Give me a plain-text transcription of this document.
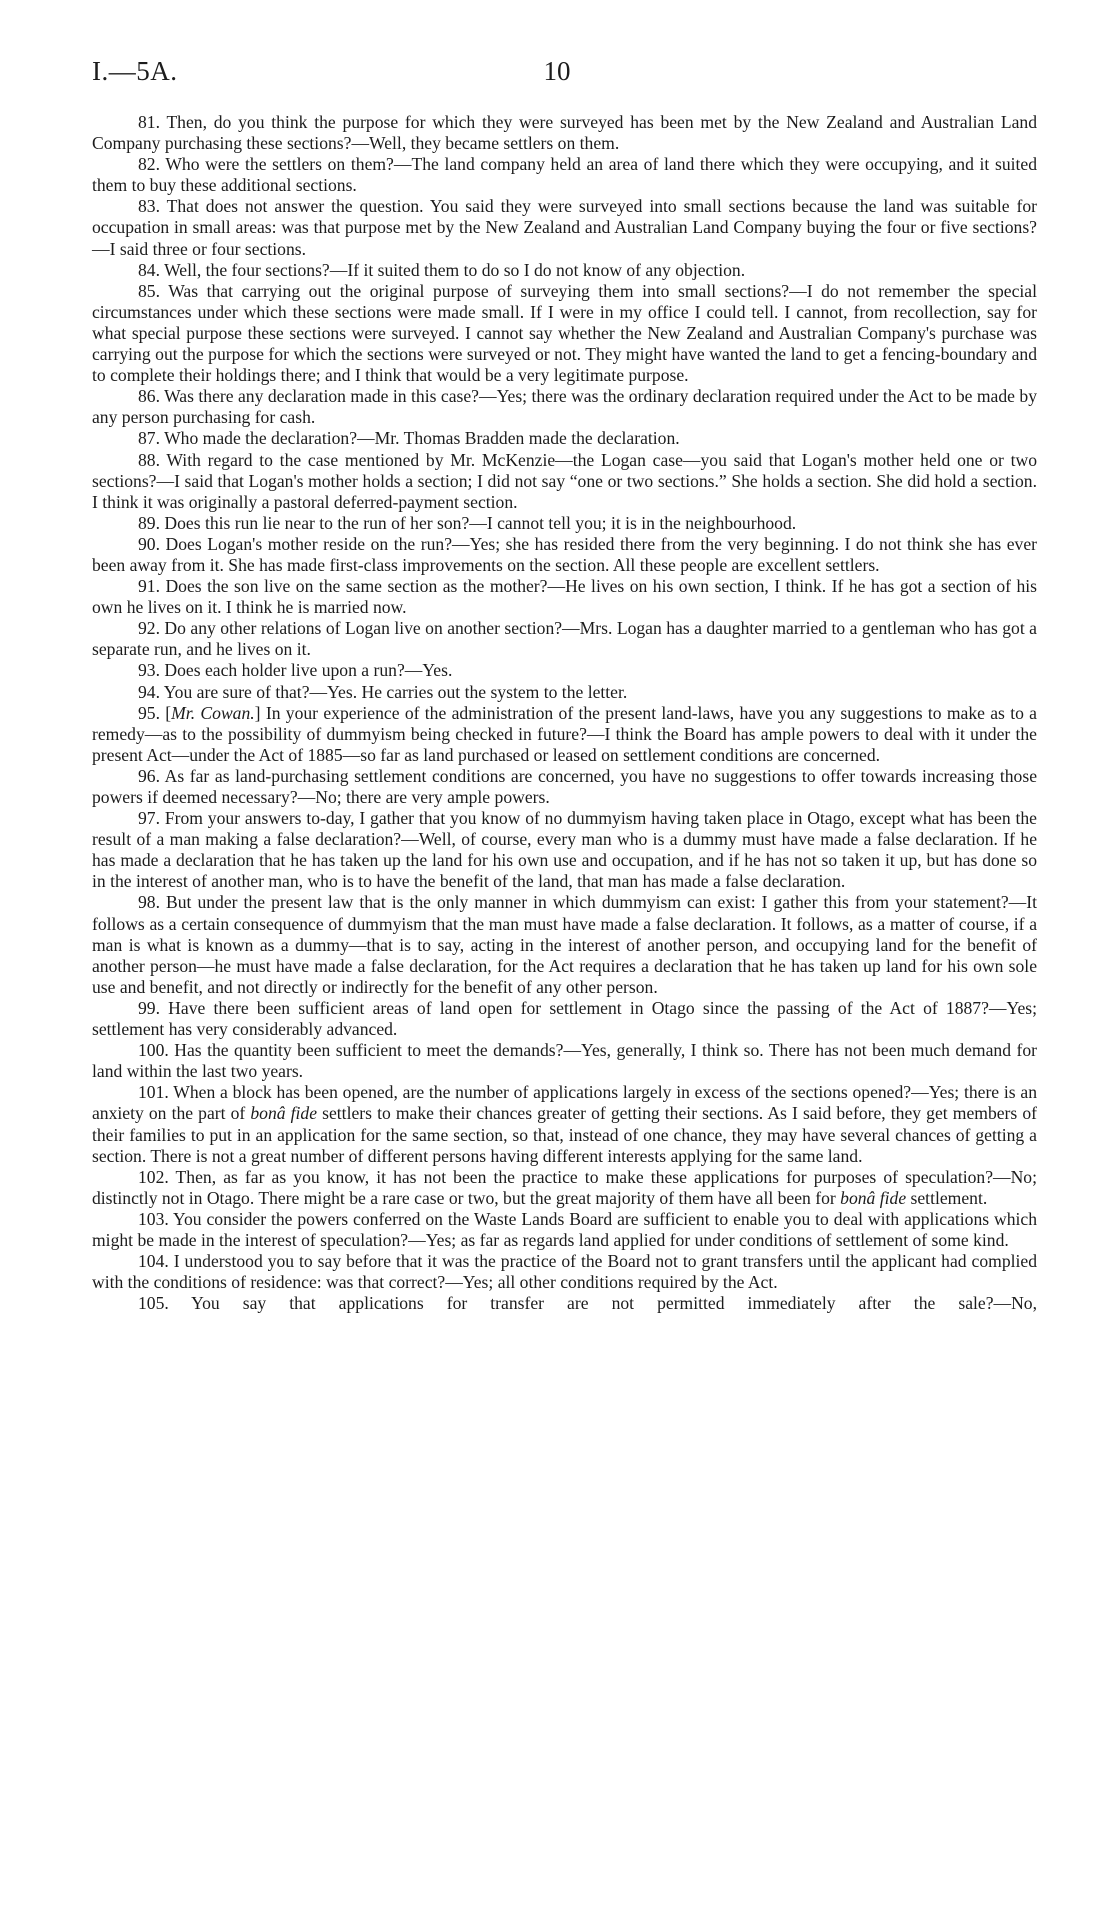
I.—5A.	10

81. Then, do you think the purpose for which they were surveyed has been met by the New Zealand and Australian Land Company purchasing these sections?—Well, they became settlers on them.

82. Who were the settlers on them?—The land company held an area of land there which they were occupying, and it suited them to buy these additional sections.

83. That does not answer the question. You said they were surveyed into small sections because the land was suitable for occupation in small areas: was that purpose met by the New Zealand and Australian Land Company buying the four or five sections?—I said three or four sections.

84. Well, the four sections?—If it suited them to do so I do not know of any objection.

85. Was that carrying out the original purpose of surveying them into small sections?—I do not remember the special circumstances under which these sections were made small. If I were in my office I could tell. I cannot, from recollection, say for what special purpose these sections were surveyed. I cannot say whether the New Zealand and Australian Company's purchase was carrying out the purpose for which the sections were surveyed or not. They might have wanted the land to get a fencing-boundary and to complete their holdings there; and I think that would be a very legitimate purpose.

86. Was there any declaration made in this case?—Yes; there was the ordinary declaration required under the Act to be made by any person purchasing for cash.

87. Who made the declaration?—Mr. Thomas Bradden made the declaration.

88. With regard to the case mentioned by Mr. McKenzie—the Logan case—you said that Logan's mother held one or two sections?—I said that Logan's mother holds a section; I did not say “one or two sections.” She holds a section. She did hold a section. I think it was originally a pastoral deferred-payment section.

89. Does this run lie near to the run of her son?—I cannot tell you; it is in the neighbourhood.

90. Does Logan's mother reside on the run?—Yes; she has resided there from the very beginning. I do not think she has ever been away from it. She has made first-class improvements on the section. All these people are excellent settlers.

91. Does the son live on the same section as the mother?—He lives on his own section, I think. If he has got a section of his own he lives on it. I think he is married now.

92. Do any other relations of Logan live on another section?—Mrs. Logan has a daughter married to a gentleman who has got a separate run, and he lives on it.

93. Does each holder live upon a run?—Yes.

94. You are sure of that?—Yes. He carries out the system to the letter.

95. [Mr. Cowan.] In your experience of the administration of the present land-laws, have you any suggestions to make as to a remedy—as to the possibility of dummyism being checked in future?—I think the Board has ample powers to deal with it under the present Act—under the Act of 1885—so far as land purchased or leased on settlement conditions are concerned.

96. As far as land-purchasing settlement conditions are concerned, you have no suggestions to offer towards increasing those powers if deemed necessary?—No; there are very ample powers.

97. From your answers to-day, I gather that you know of no dummyism having taken place in Otago, except what has been the result of a man making a false declaration?—Well, of course, every man who is a dummy must have made a false declaration. If he has made a declaration that he has taken up the land for his own use and occupation, and if he has not so taken it up, but has done so in the interest of another man, who is to have the benefit of the land, that man has made a false declaration.

98. But under the present law that is the only manner in which dummyism can exist: I gather this from your statement?—It follows as a certain consequence of dummyism that the man must have made a false declaration. It follows, as a matter of course, if a man is what is known as a dummy—that is to say, acting in the interest of another person, and occupying land for the benefit of another person—he must have made a false declaration, for the Act requires a declaration that he has taken up land for his own sole use and benefit, and not directly or indirectly for the benefit of any other person.

99. Have there been sufficient areas of land open for settlement in Otago since the passing of the Act of 1887?—Yes; settlement has very considerably advanced.

100. Has the quantity been sufficient to meet the demands?—Yes, generally, I think so. There has not been much demand for land within the last two years.

101. When a block has been opened, are the number of applications largely in excess of the sections opened?—Yes; there is an anxiety on the part of bonâ fide settlers to make their chances greater of getting their sections. As I said before, they get members of their families to put in an application for the same section, so that, instead of one chance, they may have several chances of getting a section. There is not a great number of different persons having different interests applying for the same land.

102. Then, as far as you know, it has not been the practice to make these applications for purposes of speculation?—No; distinctly not in Otago. There might be a rare case or two, but the great majority of them have all been for bonâ fide settlement.

103. You consider the powers conferred on the Waste Lands Board are sufficient to enable you to deal with applications which might be made in the interest of speculation?—Yes; as far as regards land applied for under conditions of settlement of some kind.

104. I understood you to say before that it was the practice of the Board not to grant transfers until the applicant had complied with the conditions of residence: was that correct?—Yes; all other conditions required by the Act.

105. You say that applications for transfer are not permitted immediately after the sale?—No,
